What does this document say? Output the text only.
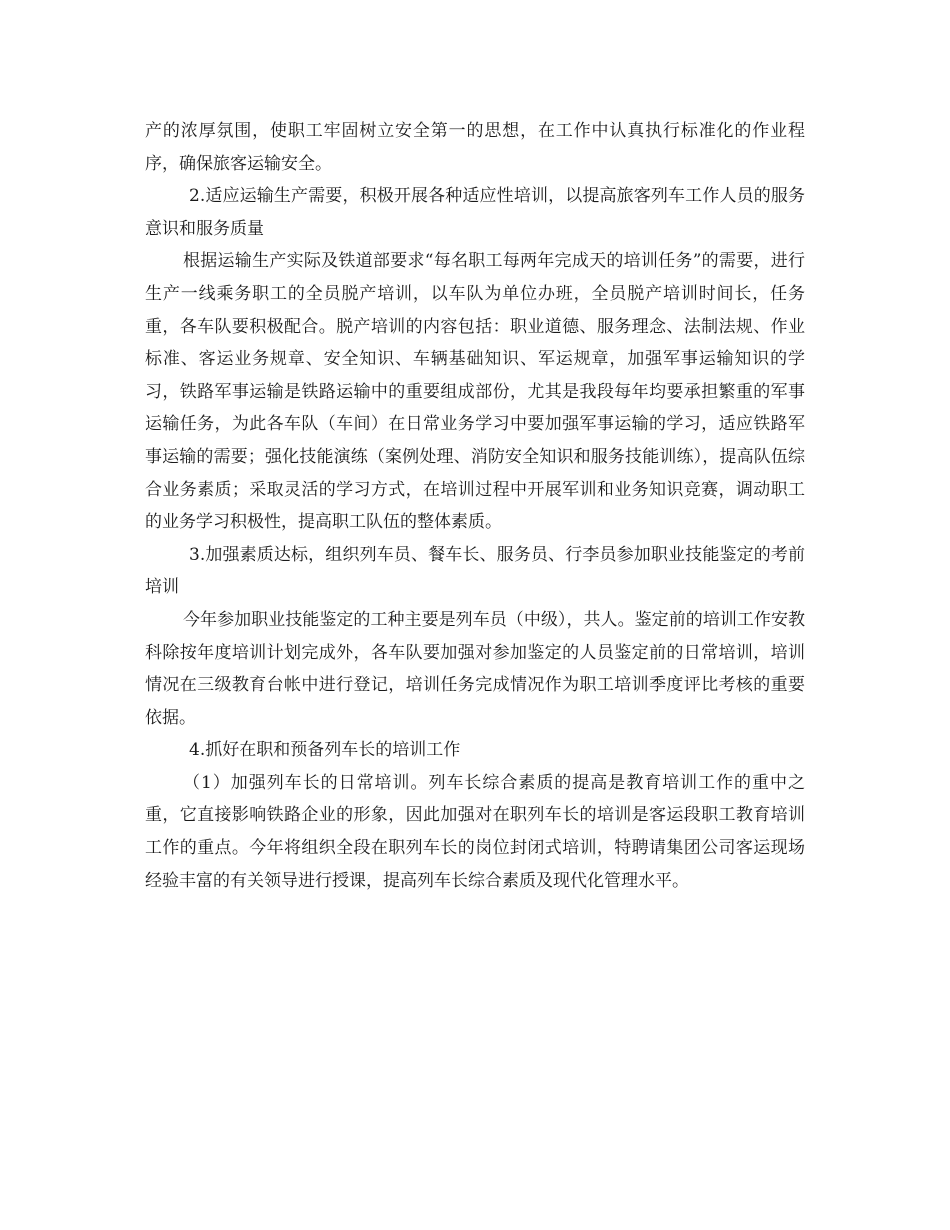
产的浓厚氛围，使职工牢固树立安全第一的思想，在工作中认真执行标准化的作业程序，确保旅客运输安全。

2.适应运输生产需要，积极开展各种适应性培训，以提高旅客列车工作人员的服务意识和服务质量

根据运输生产实际及铁道部要求“每名职工每两年完成天的培训任务”的需要，进行生产一线乘务职工的全员脱产培训，以车队为单位办班，全员脱产培训时间长，任务重，各车队要积极配合。脱产培训的内容包括：职业道德、服务理念、法制法规、作业标准、客运业务规章、安全知识、车辆基础知识、军运规章，加强军事运输知识的学习，铁路军事运输是铁路运输中的重要组成部份，尤其是我段每年均要承担繁重的军事运输任务，为此各车队（车间）在日常业务学习中要加强军事运输的学习，适应铁路军事运输的需要；强化技能演练（案例处理、消防安全知识和服务技能训练），提高队伍综合业务素质；采取灵活的学习方式，在培训过程中开展军训和业务知识竞赛，调动职工的业务学习积极性，提高职工队伍的整体素质。

3.加强素质达标，组织列车员、餐车长、服务员、行李员参加职业技能鉴定的考前培训

今年参加职业技能鉴定的工种主要是列车员（中级），共人。鉴定前的培训工作安教科除按年度培训计划完成外，各车队要加强对参加鉴定的人员鉴定前的日常培训，培训情况在三级教育台帐中进行登记，培训任务完成情况作为职工培训季度评比考核的重要依据。

4.抓好在职和预备列车长的培训工作

（1）加强列车长的日常培训。列车长综合素质的提高是教育培训工作的重中之重，它直接影响铁路企业的形象，因此加强对在职列车长的培训是客运段职工教育培训工作的重点。今年将组织全段在职列车长的岗位封闭式培训，特聘请集团公司客运现场经验丰富的有关领导进行授课，提高列车长综合素质及现代化管理水平。
